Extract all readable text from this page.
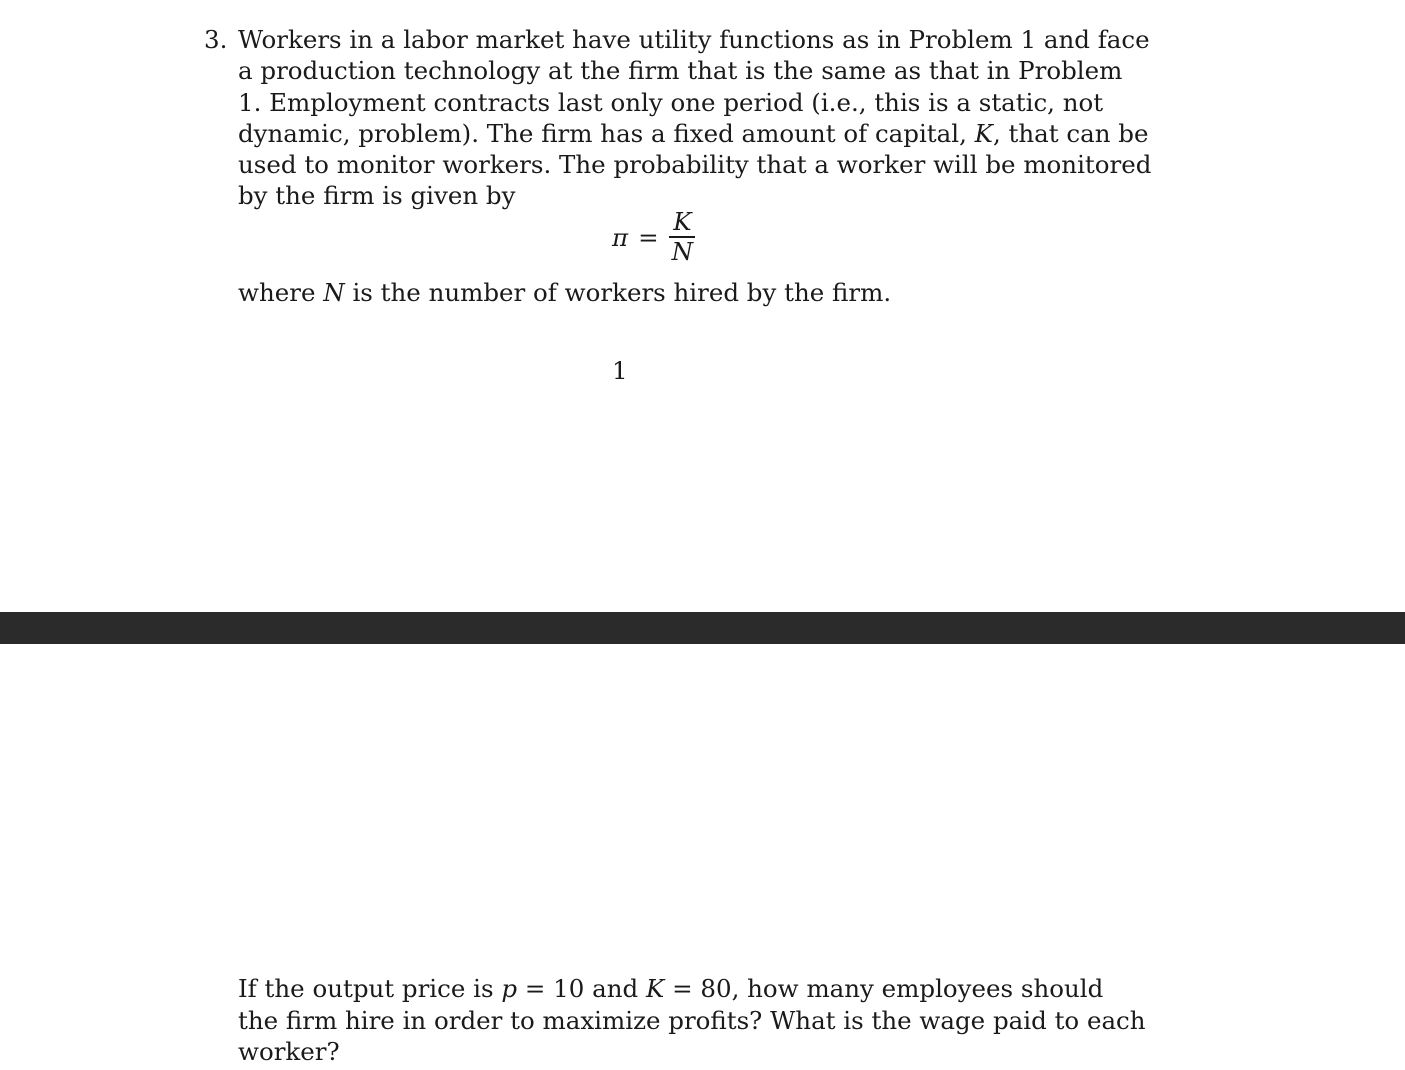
3. Workers in a labor market have utility functions as in Problem 1 and face
a production technology at the firm that is the same as that in Problem
1. Employment contracts last only one period (i.e., this is a static, not
dynamic, problem). The firm has a fixed amount of capital, K, that can be
used to monitor workers. The probability that a worker will be monitored
by the firm is given by
$\pi = \frac{K}{N}$
where N is the number of workers hired by the firm.
1
If the output price is p = 10 and K = 80, how many employees should
the firm hire in order to maximize profits? What is the wage paid to each
worker?
